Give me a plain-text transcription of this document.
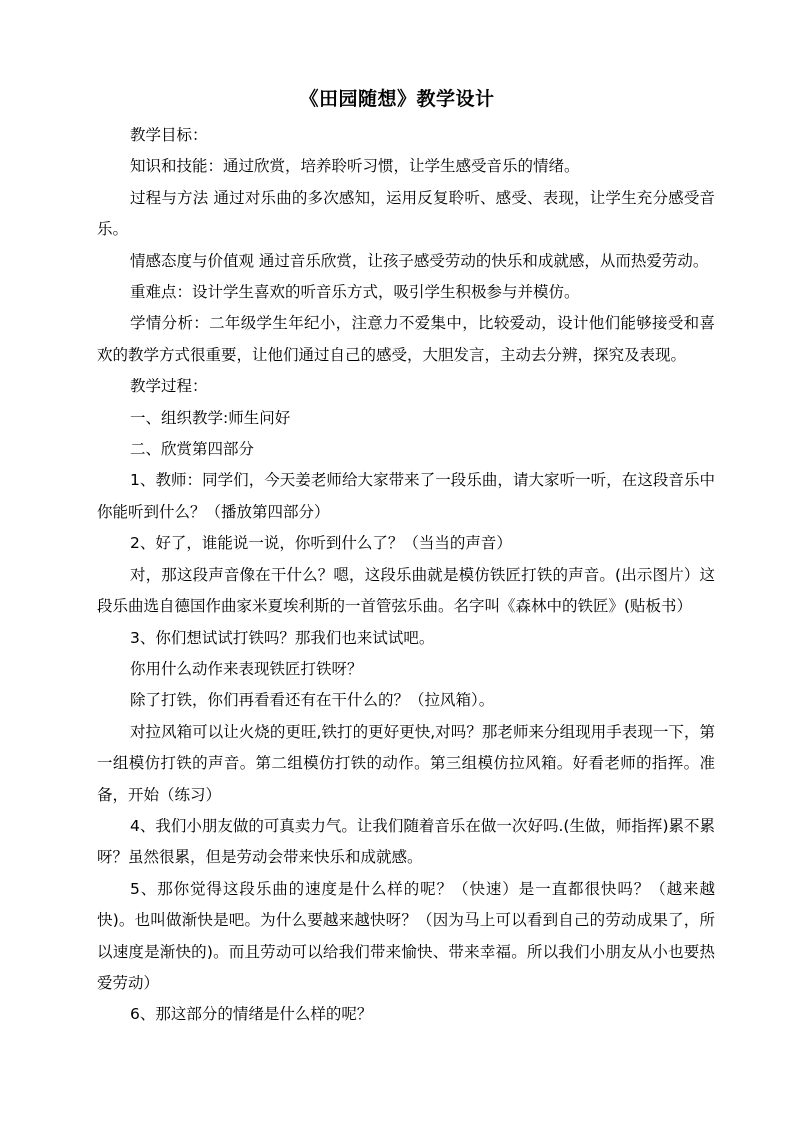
《田园随想》教学设计

教学目标：

知识和技能：通过欣赏，培养聆听习惯，让学生感受音乐的情绪。

过程与方法 通过对乐曲的多次感知，运用反复聆听、感受、表现，让学生充分感受音乐。

情感态度与价值观 通过音乐欣赏，让孩子感受劳动的快乐和成就感，从而热爱劳动。

重难点：设计学生喜欢的听音乐方式，吸引学生积极参与并模仿。

学情分析：二年级学生年纪小，注意力不爱集中，比较爱动，设计他们能够接受和喜欢的教学方式很重要，让他们通过自己的感受，大胆发言，主动去分辨，探究及表现。

教学过程：

一、组织教学:师生问好

二、欣赏第四部分

1、教师：同学们，今天姜老师给大家带来了一段乐曲，请大家听一听，在这段音乐中你能听到什么？（播放第四部分）

2、好了，谁能说一说，你听到什么了？（当当的声音）

对，那这段声音像在干什么？嗯，这段乐曲就是模仿铁匠打铁的声音。(出示图片）这段乐曲选自德国作曲家米夏埃利斯的一首管弦乐曲。名字叫《森林中的铁匠》(贴板书）

3、你们想试试打铁吗？那我们也来试试吧。

你用什么动作来表现铁匠打铁呀？

除了打铁，你们再看看还有在干什么的？（拉风箱）。

对拉风箱可以让火烧的更旺,铁打的更好更快,对吗？那老师来分组现用手表现一下，第一组模仿打铁的声音。第二组模仿打铁的动作。第三组模仿拉风箱。好看老师的指挥。准备，开始（练习）

4、我们小朋友做的可真卖力气。让我们随着音乐在做一次好吗.(生做，师指挥)累不累呀？虽然很累，但是劳动会带来快乐和成就感。

5、那你觉得这段乐曲的速度是什么样的呢？（快速）是一直都很快吗？（越来越快)。也叫做渐快是吧。为什么要越来越快呀？（因为马上可以看到自己的劳动成果了，所以速度是渐快的)。而且劳动可以给我们带来愉快、带来幸福。所以我们小朋友从小也要热爱劳动）

6、那这部分的情绪是什么样的呢？
